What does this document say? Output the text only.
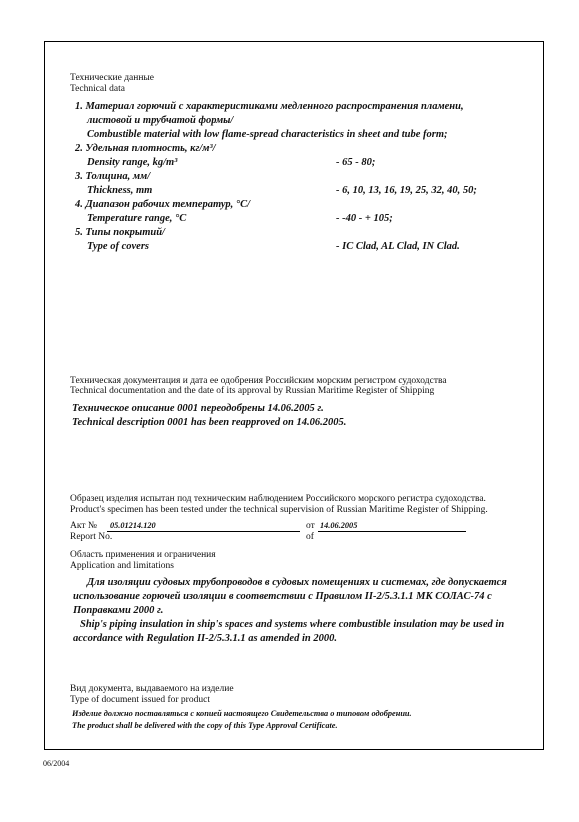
Технические данные
Technical data
1. Материал горючий с характеристиками медленного распространения пламени,
листовой и трубчатой формы/
Combustible material with low flame-spread characteristics in sheet and tube form;
2. Удельная плотность, кг/м³/
Density range, kg/m³	- 65 - 80;
3. Толщина, мм/
Thickness, mm	- 6, 10, 13, 16, 19, 25, 32, 40, 50;
4. Диапазон рабочих температур, °С/
Temperature range, °C	- -40 - + 105;
5. Типы покрытий/
Type of covers	- IC Clad, AL Clad, IN Clad.
Техническая документация и дата ее одобрения Российским морским регистром судоходства
Technical documentation and the date of its approval by Russian Maritime Register of Shipping
Техническое описание 0001 переодобрены 14.06.2005 г.
Technical description 0001 has been reapproved on 14.06.2005.
Образец изделия испытан под техническим наблюдением Российского морского регистра судоходства.
Product's specimen has been tested under the technical supervision of Russian Maritime Register of Shipping.
Акт № 05.01214.120
Report No.
от 14.06.2005
of
Область применения и ограничения
Application and limitations
Для изоляции судовых трубопроводов в судовых помещениях и системах, где допускается
использование горючей изоляции в соответствии с Правилом II-2/5.3.1.1 МК СОЛАС-74 с
Поправками 2000 г.
Ship's piping insulation in ship's spaces and systems where combustible insulation may be used in
accordance with Regulation II-2/5.3.1.1 as amended in 2000.
Вид документа, выдаваемого на изделие
Type of document issued for product
Изделие должно поставляться с копией настоящего Свидетельства о типовом одобрении.
The product shall be delivered with the copy of this Type Approval Certificate.
06/2004
